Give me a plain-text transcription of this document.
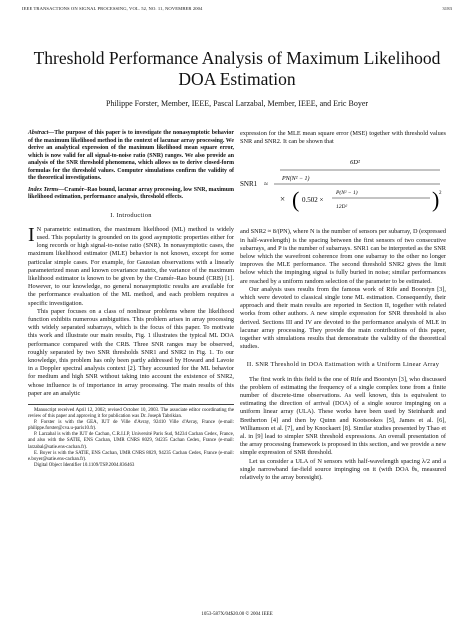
IEEE TRANSACTIONS ON SIGNAL PROCESSING, VOL. 52, NO. 11, NOVEMBER 2004	3183
Threshold Performance Analysis of Maximum Likelihood DOA Estimation
Philippe Forster, Member, IEEE, Pascal Larzabal, Member, IEEE, and Eric Boyer
Abstract—The purpose of this paper is to investigate the nonasymptotic behavior of the maximum likelihood method in the context of lacunar array processing. We derive an analytical expression of the maximum likelihood mean square error, which is now valid for all signal-to-noise ratio (SNR) ranges. We also provide an analysis of the SNR threshold phenomena, which allows us to derive closed-form formulas for the threshold values. Computer simulations confirm the validity of the theoretical investigations.
Index Terms—Cramér–Rao bound, lacunar array processing, low SNR, maximum likelihood estimation, performance analysis, threshold effects.
I. Introduction
I N parametric estimation, the maximum likelihood (ML) method is widely used. This popularity is grounded on its good asymptotic properties either for long records or high signal-to-noise ratio (SNR). In nonasymptotic cases, the maximum likelihood estimator (MLE) behavior is not known, except for some particular simple cases. For example, for Gaussian observations with a linearly parameterized mean and known covariance matrix, the variance of the maximum likelihood estimator is known to be given by the Cramér–Rao bound (CRB) [1]. However, to our knowledge, no general nonasymptotic results are available for the performance evaluation of the ML method, and each problem requires a specific investigation.

This paper focuses on a class of nonlinear problems where the likelihood function exhibits numerous ambiguities. This problem arises in array processing with widely separated subarrays, which is the focus of this paper. To motivate this work and illustrate our main results, Fig. 1 illustrates the typical ML DOA performance compared with the CRB. Three SNR ranges may be observed, roughly separated by two SNR thresholds SNR1 and SNR2 in Fig. 1. To our knowledge, this problem has only been partly addressed by Howard and Lavoie in a Doppler spectral analysis context [2]. They accounted for the ML behavior for medium and high SNR without taking into account the existence of SNR2, whose influence is of importance in array processing. The main results of this paper are an analytic

Manuscript received April 12, 2002; revised October 10, 2003. The associate editor coordinating the review of this paper and approving it for publication was Dr. Joseph Tabrikian.
P. Forster is with the GEA, IUT de Ville d'Avray, 92410 Ville d'Avray, France (e-mail: philippe.forster@cva.u-paris10.fr).
P. Larzabal is with the IUT de Cachan, C.R.I.I.P, Université Paris Sud, 94234 Cachan Cedex, France, and also with the SATIE, ENS Cachan, UMR CNRS 8029, 94235 Cachan Cedex, France (e-mail: larzabal@satie.ens-cachan.fr).
E. Boyer is with the SATIE, ENS Cachan, UMR CNRS 8029, 94235 Cachan Cedex, France (e-mail: e.boyer@satie.ens-cachan.fr).
Digital Object Identifier 10.1109/TSP.2004.836463

expression for the MLE mean square error (MSE) together with threshold values SNR and SNR2. It can be shown that

SNR1 ≈
6D²
PN(N² − 1)
× ( 0.502 ×
P(N² − 1)
12D²	) 2

and SNR2 ≈ 8/(PN), where N is the number of sensors per subarray, D (expressed in half-wavelength) is the spacing between the first sensors of two consecutive subarrays, and P is the number of subarrays. SNR1 can be interpreted as the SNR below which the wavefront coherence from one subarray to the other no longer improves the MLE performance. The second threshold SNR2 gives the limit below which the impinging signal is fully buried in noise; similar performances are reached by a uniform random selection of the parameter to be estimated.

Our analysis uses results from the famous work of Rife and Boorstyn [3], which were devoted to classical single tone ML estimation. Consequently, their approach and their main results are reported in Section II, together with related works from other authors. A new simple expression for SNR threshold is also derived. Sections III and IV are devoted to the performance analysis of MLE in lacunar array processing. They provide the main contributions of this paper, together with simulations results that demonstrate the validity of the theoretical studies.

II. SNR Threshold in DOA Estimation with a Uniform Linear Array

The first work in this field is the one of Rife and Boorstyn [3], who discussed the problem of estimating the frequency of a single complex tone from a finite number of discrete-time observations. As well known, this is equivalent to estimating the direction of arrival (DOA) of a single source impinging on a uniform linear array (ULA). These works have been used by Steinhardt and Bretherton [4] and then by Quinn and Kootsookos [5], James et al. [6], Williamson et al. [7], and by Knockaert [8]. Similar studies presented by Thao et al. in [9] lead to simpler SNR threshold expressions. An overall presentation of the array processing framework is proposed in this section, and we provide a new simple expression of SNR threshold.

Let us consider a ULA of N sensors with half-wavelength spacing λ/2 and a single narrowband far-field source impinging on it (with DOA θs, measured relatively to the array boresight).

1053-587X/04$20.00 © 2004 IEEE
